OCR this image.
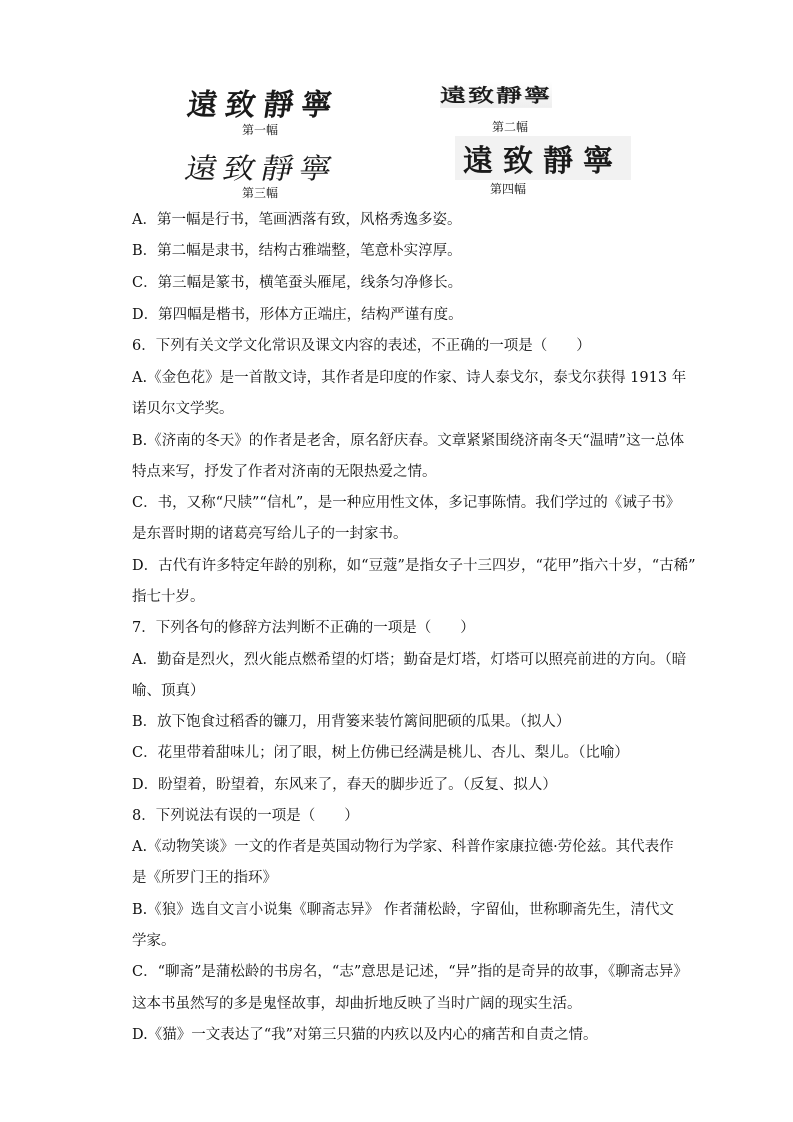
遠致靜寧
第一幅
遠致靜寧
第二幅
遠致靜寧
第三幅
遠致靜寧
第四幅
A．第一幅是行书，笔画洒落有致，风格秀逸多姿。
B．第二幅是隶书，结构古雅端整，笔意朴实淳厚。
C．第三幅是篆书，横笔蚕头雁尾，线条匀净修长。
D．第四幅是楷书，形体方正端庄，结构严谨有度。
6．下列有关文学文化常识及课文内容的表述，不正确的一项是（　　）
A.《金色花》是一首散文诗，其作者是印度的作家、诗人泰戈尔，泰戈尔获得 1913 年
诺贝尔文学奖。
B.《济南的冬天》的作者是老舍，原名舒庆春。文章紧紧围绕济南冬天“温晴”这一总体
特点来写，抒发了作者对济南的无限热爱之情。
C．书，又称“尺牍”“信札”，是一种应用性文体，多记事陈情。我们学过的《诫子书》
是东晋时期的诸葛亮写给儿子的一封家书。
D．古代有许多特定年龄的别称，如“豆蔻”是指女子十三四岁，“花甲”指六十岁，“古稀”
指七十岁。
7．下列各句的修辞方法判断不正确的一项是（　　）
A．勤奋是烈火，烈火能点燃希望的灯塔；勤奋是灯塔，灯塔可以照亮前进的方向。（暗
喻、顶真）
B．放下饱食过稻香的镰刀，用背篓来装竹篱间肥硕的瓜果。（拟人）
C．花里带着甜味儿；闭了眼，树上仿佛已经满是桃儿、杏儿、梨儿。（比喻）
D．盼望着，盼望着，东风来了，春天的脚步近了。（反复、拟人）
8．下列说法有误的一项是（　　）
A.《动物笑谈》一文的作者是英国动物行为学家、科普作家康拉德·劳伦兹。其代表作
是《所罗门王的指环》
B.《狼》选自文言小说集《聊斋志异》 作者蒲松龄，字留仙，世称聊斋先生，清代文
学家。
C．“聊斋”是蒲松龄的书房名，“志”意思是记述，“异”指的是奇异的故事，《聊斋志异》
这本书虽然写的多是鬼怪故事，却曲折地反映了当时广阔的现实生活。
D.《猫》一文表达了“我”对第三只猫的内疚以及内心的痛苦和自责之情。
